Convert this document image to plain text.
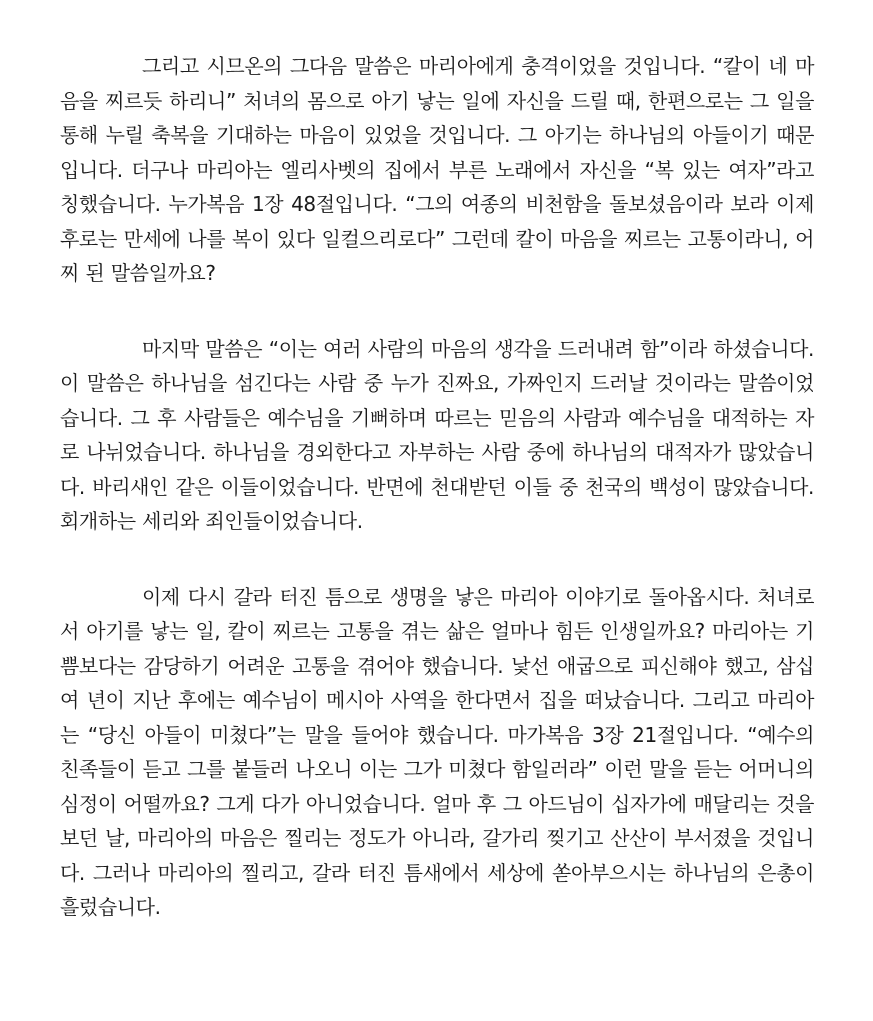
그리고 시므온의 그다음 말씀은 마리아에게 충격이었을 것입니다. “칼이 네 마음을 찌르듯 하리니” 처녀의 몸으로 아기 낳는 일에 자신을 드릴 때, 한편으로는 그 일을 통해 누릴 축복을 기대하는 마음이 있었을 것입니다. 그 아기는 하나님의 아들이기 때문입니다. 더구나 마리아는 엘리사벳의 집에서 부른 노래에서 자신을 “복 있는 여자”라고 칭했습니다. 누가복음 1장 48절입니다. “그의 여종의 비천함을 돌보셨음이라 보라 이제 후로는 만세에 나를 복이 있다 일컬으리로다” 그런데 칼이 마음을 찌르는 고통이라니, 어찌 된 말씀일까요?

마지막 말씀은 “이는 여러 사람의 마음의 생각을 드러내려 함”이라 하셨습니다. 이 말씀은 하나님을 섬긴다는 사람 중 누가 진짜요, 가짜인지 드러날 것이라는 말씀이었습니다. 그 후 사람들은 예수님을 기뻐하며 따르는 믿음의 사람과 예수님을 대적하는 자로 나뉘었습니다. 하나님을 경외한다고 자부하는 사람 중에 하나님의 대적자가 많았습니다. 바리새인 같은 이들이었습니다. 반면에 천대받던 이들 중 천국의 백성이 많았습니다. 회개하는 세리와 죄인들이었습니다.

이제 다시 갈라 터진 틈으로 생명을 낳은 마리아 이야기로 돌아옵시다. 처녀로서 아기를 낳는 일, 칼이 찌르는 고통을 겪는 삶은 얼마나 힘든 인생일까요? 마리아는 기쁨보다는 감당하기 어려운 고통을 겪어야 했습니다. 낯선 애굽으로 피신해야 했고, 삼십여 년이 지난 후에는 예수님이 메시아 사역을 한다면서 집을 떠났습니다. 그리고 마리아는 “당신 아들이 미쳤다”는 말을 들어야 했습니다. 마가복음 3장 21절입니다. “예수의 친족들이 듣고 그를 붙들러 나오니 이는 그가 미쳤다 함일러라” 이런 말을 듣는 어머니의 심정이 어떨까요? 그게 다가 아니었습니다. 얼마 후 그 아드님이 십자가에 매달리는 것을 보던 날, 마리아의 마음은 찔리는 정도가 아니라, 갈가리 찢기고 산산이 부서졌을 것입니다. 그러나 마리아의 찔리고, 갈라 터진 틈새에서 세상에 쏟아부으시는 하나님의 은총이 흘렀습니다.
